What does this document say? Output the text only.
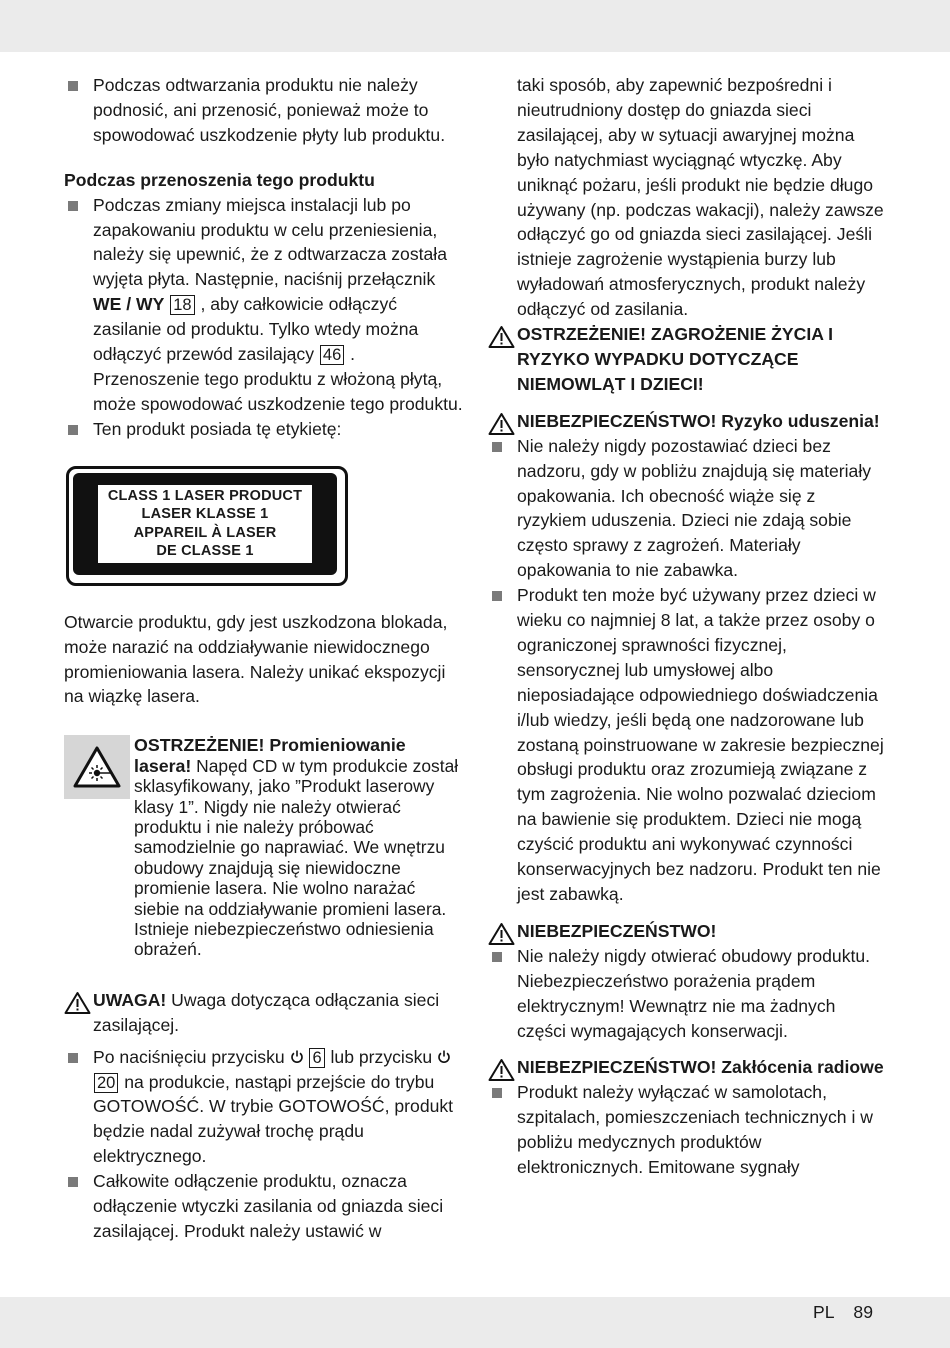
Podczas odtwarzania produktu nie należy podnosić, ani przenosić, ponieważ może to spowodować uszkodzenie płyty lub produktu.

Podczas przenoszenia tego produktu

Podczas zmiany miejsca instalacji lub po zapakowaniu produktu w celu przeniesienia, należy się upewnić, że z odtwarzacza została wyjęta płyta. Następnie, naciśnij przełącznik WE / WY 18 , aby całkowicie odłączyć zasilanie od produktu. Tylko wtedy można odłączyć przewód zasilający 46 . Przenoszenie tego produktu z włożoną płytą, może spowodować uszkodzenie tego produktu.

Ten produkt posiada tę etykietę:

CLASS 1 LASER PRODUCT
LASER KLASSE 1
APPAREIL À LASER
DE CLASSE 1

Otwarcie produktu, gdy jest uszkodzona blokada, może narazić na oddziaływanie niewidocznego promieniowania lasera. Należy unikać ekspozycji na wiązkę lasera.

OSTRZEŻENIE! Promieniowanie lasera! Napęd CD w tym produkcie został sklasyfikowany, jako ”Produkt laserowy klasy 1”. Nigdy nie należy otwierać produktu i nie należy próbować samodzielnie go naprawiać. We wnętrzu obudowy znajdują się niewidoczne promienie lasera. Nie wolno narażać siebie na oddziaływanie promieni lasera. Istnieje niebezpieczeństwo odniesienia obrażeń.

UWAGA! Uwaga dotycząca odłączania sieci zasilającej.

Po naciśnięciu przycisku  6 lub przycisku  20 na produkcie, nastąpi przejście do trybu GOTOWOŚĆ. W trybie GOTOWOŚĆ, produkt będzie nadal zużywał trochę prądu elektrycznego.

Całkowite odłączenie produktu, oznacza odłączenie wtyczki zasilania od gniazda sieci zasilającej. Produkt należy ustawić w

taki sposób, aby zapewnić bezpośredni i nieutrudniony dostęp do gniazda sieci zasilającej, aby w sytuacji awaryjnej można było natychmiast wyciągnąć wtyczkę. Aby uniknąć pożaru, jeśli produkt nie będzie długo używany (np. podczas wakacji), należy zawsze odłączyć go od gniazda sieci zasilającej. Jeśli istnieje zagrożenie wystąpienia burzy lub wyładowań atmosferycznych, produkt należy odłączyć od zasilania.

OSTRZEŻENIE! ZAGROŻENIE ŻYCIA I RYZYKO WYPADKU DOTYCZĄCE NIEMOWLĄT I DZIECI!

NIEBEZPIECZEŃSTWO! Ryzyko uduszenia!

Nie należy nigdy pozostawiać dzieci bez nadzoru, gdy w pobliżu znajdują się materiały opakowania. Ich obecność wiąże się z ryzykiem uduszenia. Dzieci nie zdają sobie często sprawy z zagrożeń. Materiały opakowania to nie zabawka.

Produkt ten może być używany przez dzieci w wieku co najmniej 8 lat, a także przez osoby o ograniczonej sprawności fizycznej, sensorycznej lub umysłowej albo nieposiadające odpowiedniego doświadczenia i/lub wiedzy, jeśli będą one nadzorowane lub zostaną poinstruowane w zakresie bezpiecznej obsługi produktu oraz zrozumieją związane z tym zagrożenia. Nie wolno pozwalać dzieciom na bawienie się produktem. Dzieci nie mogą czyścić produktu ani wykonywać czynności konserwacyjnych bez nadzoru. Produkt ten nie jest zabawką.

NIEBEZPIECZEŃSTWO!

Nie należy nigdy otwierać obudowy produktu. Niebezpieczeństwo porażenia prądem elektrycznym! Wewnątrz nie ma żadnych części wymagających konserwacji.

NIEBEZPIECZEŃSTWO! Zakłócenia radiowe

Produkt należy wyłączać w samolotach, szpitalach, pomieszczeniach technicznych i w pobliżu medycznych produktów elektronicznych. Emitowane sygnały

PL 89
